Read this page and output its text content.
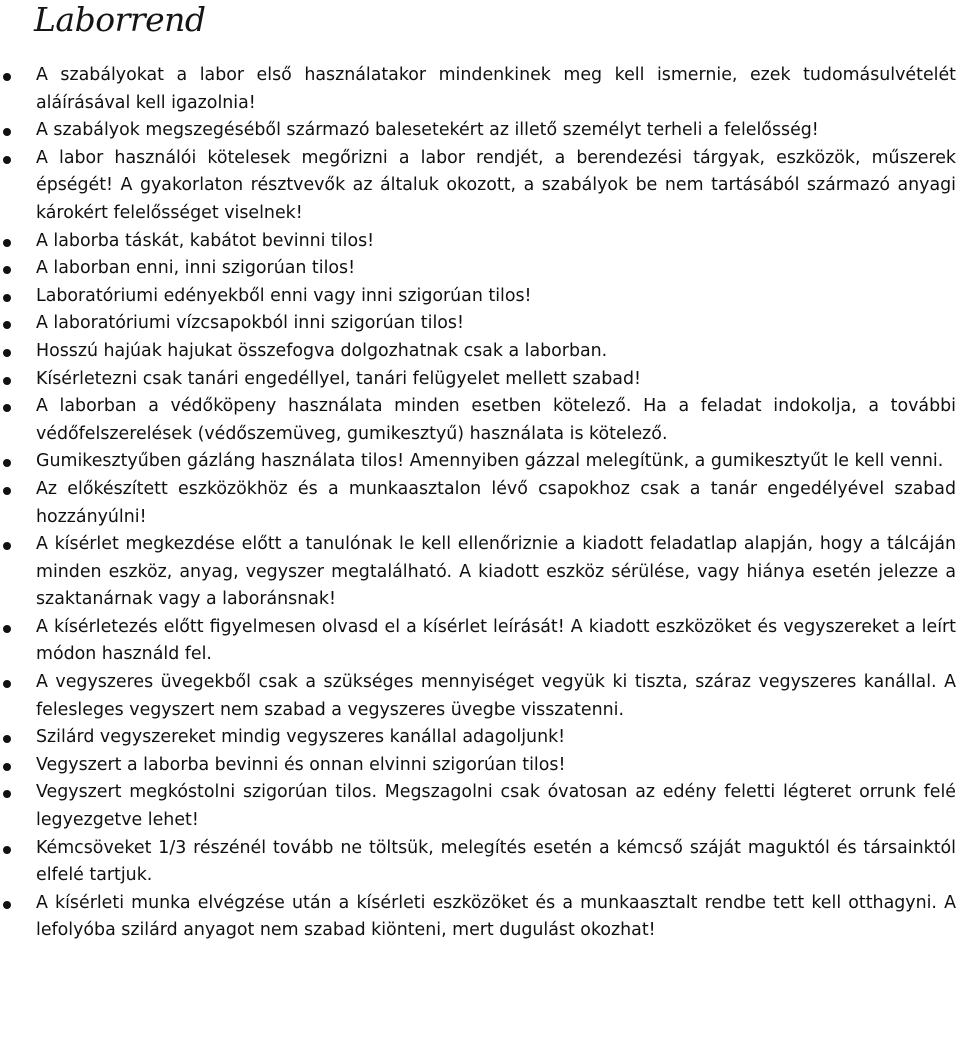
Laborrend
A szabályokat a labor első használatakor mindenkinek meg kell ismernie, ezek tudomásulvételét aláírásával kell igazolnia!
A szabályok megszegéséből származó balesetekért az illető személyt terheli a felelősség!
A labor használói kötelesek megőrizni a labor rendjét, a berendezési tárgyak, eszközök, műszerek épségét! A gyakorlaton résztvevők az általuk okozott, a szabályok be nem tartásából származó anyagi károkért felelősséget viselnek!
A laborba táskát, kabátot bevinni tilos!
A laborban enni, inni szigorúan tilos!
Laboratóriumi edényekből enni vagy inni szigorúan tilos!
A laboratóriumi vízcsapokból inni szigorúan tilos!
Hosszú hajúak hajukat összefogva dolgozhatnak csak a laborban.
Kísérletezni csak tanári engedéllyel, tanári felügyelet mellett szabad!
A laborban a védőköpeny használata minden esetben kötelező. Ha a feladat indokolja, a további védőfelszerelések (védőszemüveg, gumikesztyű) használata is kötelező.
Gumikesztyűben gázláng használata tilos! Amennyiben gázzal melegítünk, a gumikesztyűt le kell venni.
Az előkészített eszközökhöz és a munkaasztalon lévő csapokhoz csak a tanár engedélyével szabad hozzányúlni!
A kísérlet megkezdése előtt a tanulónak le kell ellenőriznie a kiadott feladatlap alapján, hogy a tálcáján minden eszköz, anyag, vegyszer megtalálható. A kiadott eszköz sérülése, vagy hiánya esetén jelezze a szaktanárnak vagy a laboránsnak!
A kísérletezés előtt figyelmesen olvasd el a kísérlet leírását! A kiadott eszközöket és vegyszereket a leírt módon használd fel.
A vegyszeres üvegekből csak a szükséges mennyiséget vegyük ki tiszta, száraz vegyszeres kanállal. A felesleges vegyszert nem szabad a vegyszeres üvegbe visszatenni.
Szilárd vegyszereket mindig vegyszeres kanállal adagoljunk!
Vegyszert a laborba bevinni és onnan elvinni szigorúan tilos!
Vegyszert megkóstolni szigorúan tilos. Megszagolni csak óvatosan az edény feletti légteret orrunk felé legyezgetve lehet!
Kémcsöveket 1/3 részénél tovább ne töltsük, melegítés esetén a kémcső száját maguktól és társainktól elfelé tartjuk.
A kísérleti munka elvégzése után a kísérleti eszközöket és a munkaasztalt rendbe tett kell otthagyni. A lefolyóba szilárd anyagot nem szabad kiönteni, mert dugulást okozhat!
